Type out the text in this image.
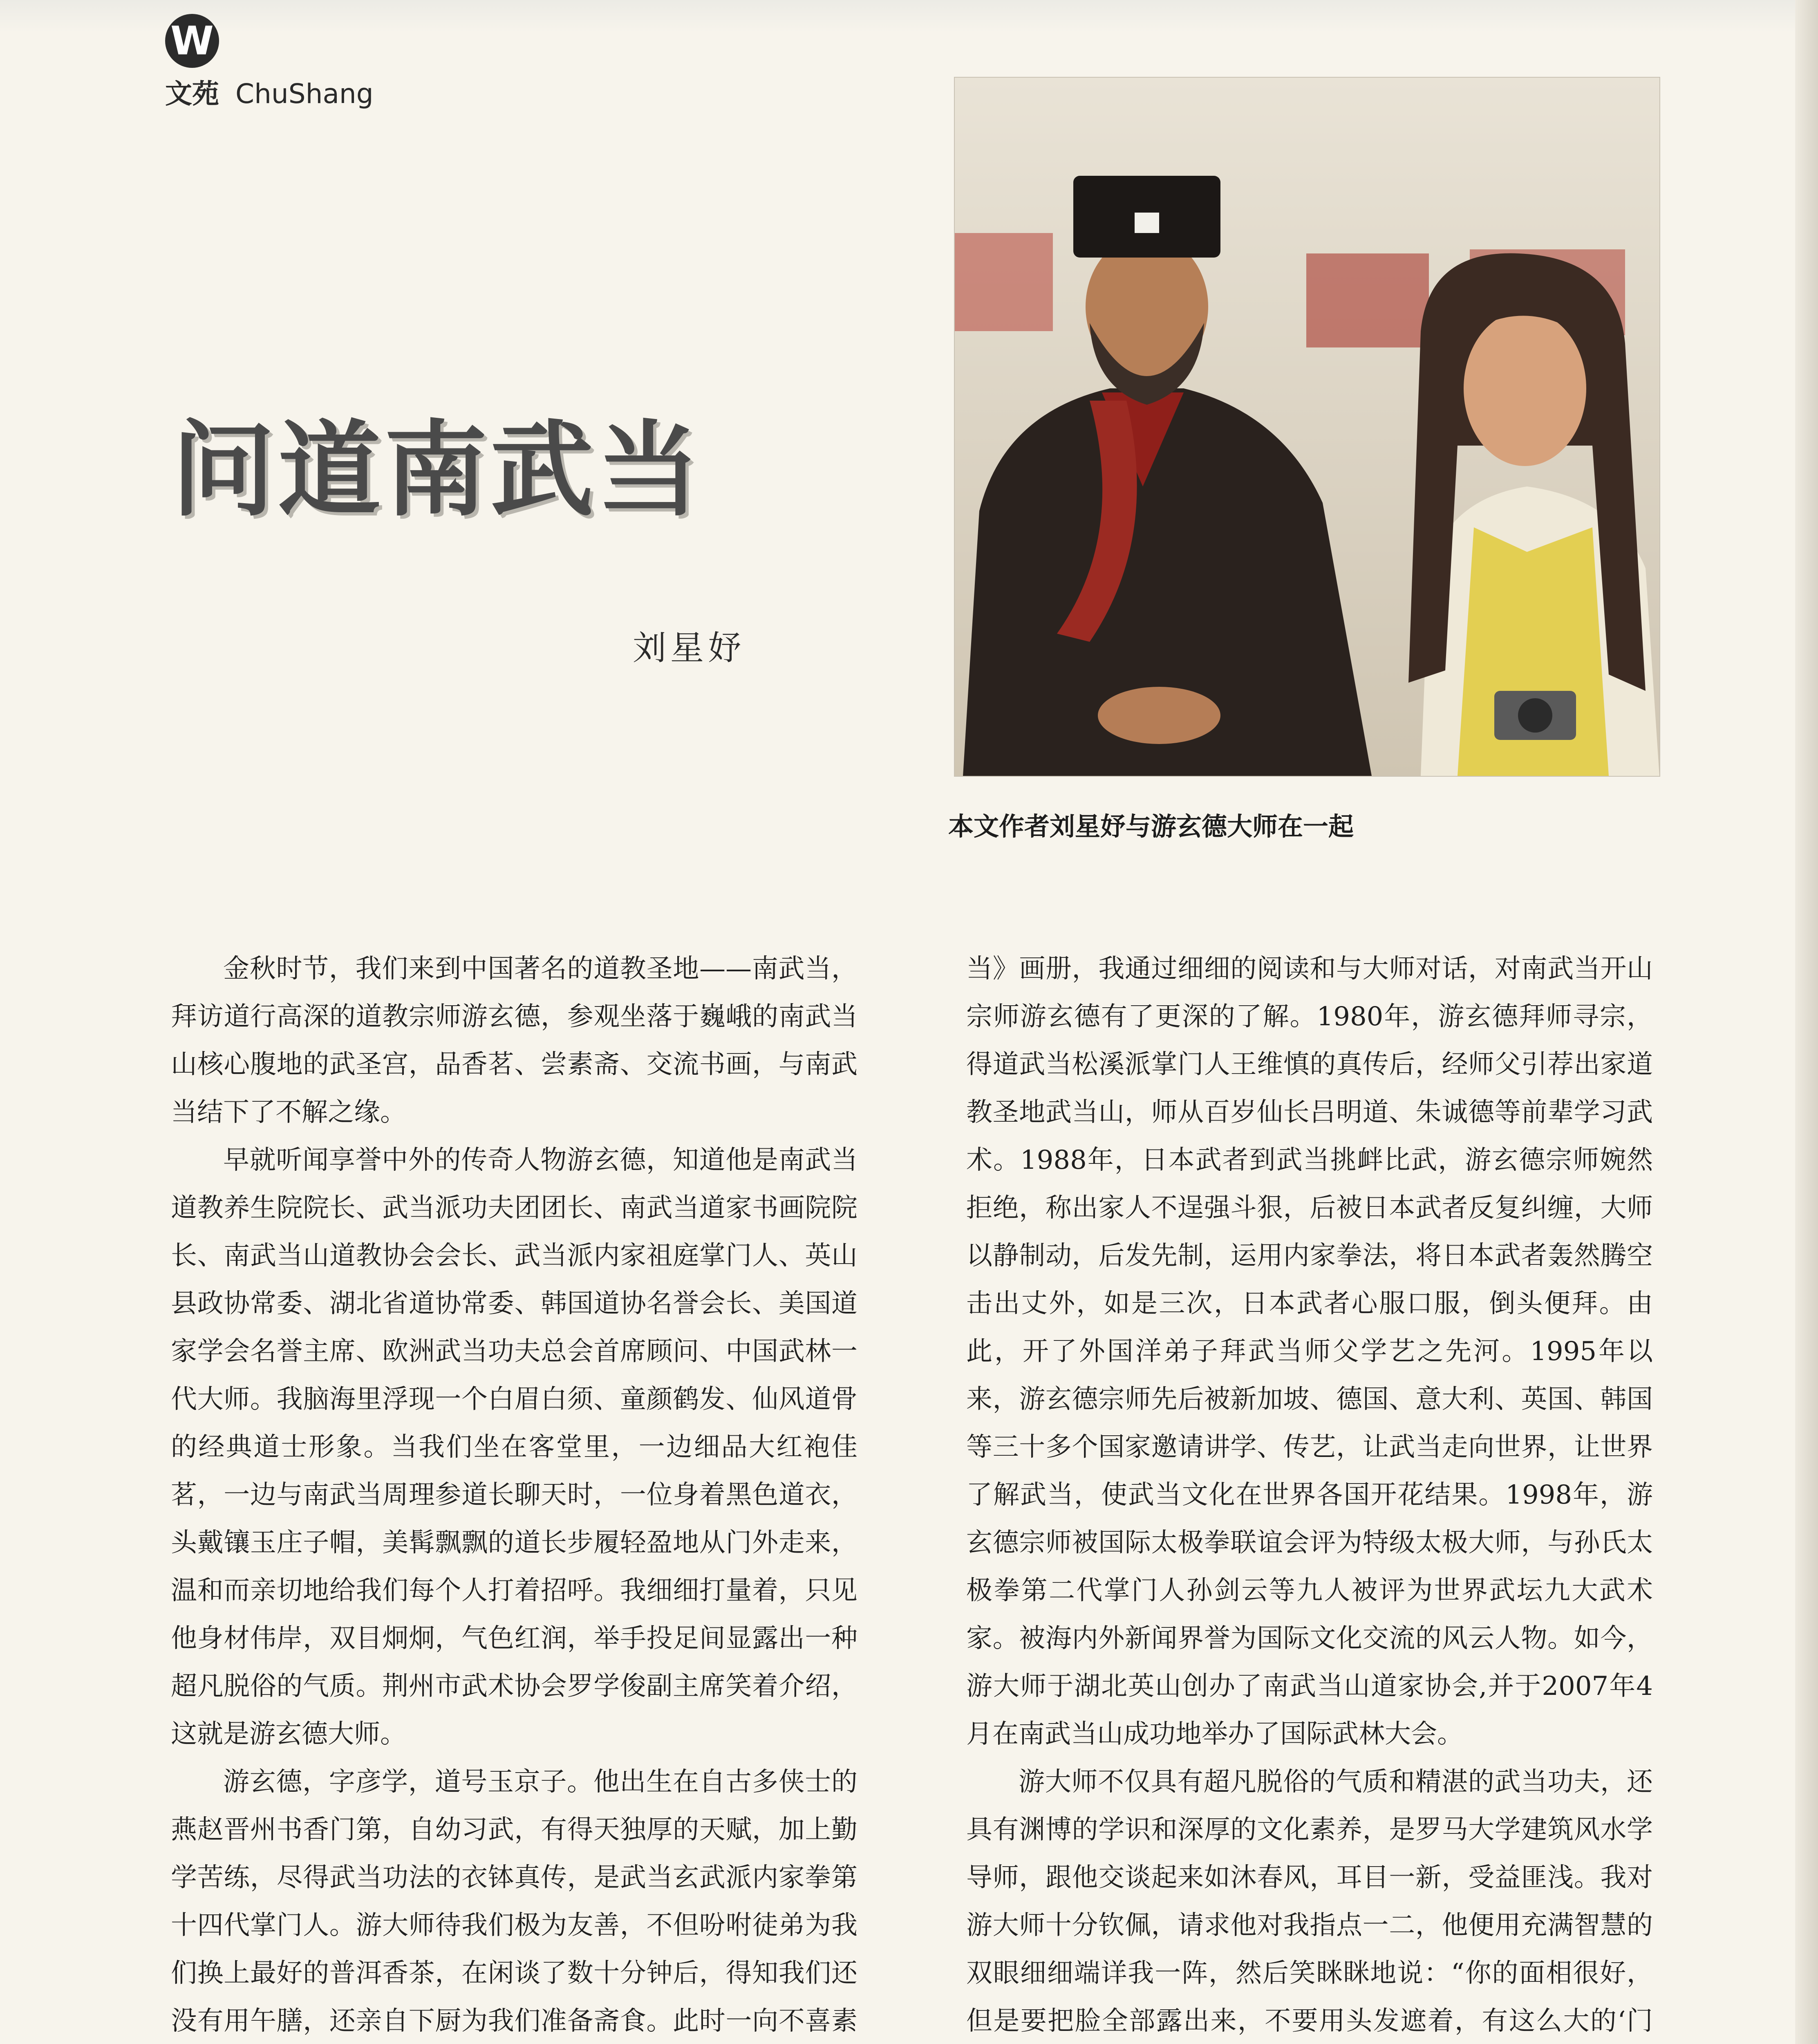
W
文苑 ChuShang
问道南武当
刘星妤
本文作者刘星妤与游玄德大师在一起

金秋时节，我们来到中国著名的道教圣地——南武当，拜访道行高深的道教宗师游玄德，参观坐落于巍峨的南武当山核心腹地的武圣宫，品香茗、尝素斋、交流书画，与南武当结下了不解之缘。

早就听闻享誉中外的传奇人物游玄德，知道他是南武当道教养生院院长、武当派功夫团团长、南武当道家书画院院长、南武当山道教协会会长、武当派内家祖庭掌门人、英山县政协常委、湖北省道协常委、韩国道协名誉会长、美国道家学会名誉主席、欧洲武当功夫总会首席顾问、中国武林一代大师。我脑海里浮现一个白眉白须、童颜鹤发、仙风道骨的经典道士形象。当我们坐在客堂里，一边细品大红袍佳茗，一边与南武当周理参道长聊天时，一位身着黑色道衣，头戴镶玉庄子帽，美髯飘飘的道长步履轻盈地从门外走来，温和而亲切地给我们每个人打着招呼。我细细打量着，只见他身材伟岸，双目炯炯，气色红润，举手投足间显露出一种超凡脱俗的气质。荆州市武术协会罗学俊副主席笑着介绍，这就是游玄德大师。

游玄德，字彦学，道号玉京子。他出生在自古多侠士的燕赵晋州书香门第，自幼习武，有得天独厚的天赋，加上勤学苦练，尽得武当功法的衣钵真传，是武当玄武派内家拳第十四代掌门人。游大师待我们极为友善，不但吩咐徒弟为我们换上最好的普洱香茶，在闲谈了数十分钟后，得知我们还没有用午膳，还亲自下厨为我们准备斋食。此时一向不喜素

当》画册，我通过细细的阅读和与大师对话，对南武当开山宗师游玄德有了更深的了解。1980年，游玄德拜师寻宗，得道武当松溪派掌门人王维慎的真传后，经师父引荐出家道教圣地武当山，师从百岁仙长吕明道、朱诚德等前辈学习武术。1988年，日本武者到武当挑衅比武，游玄德宗师婉然拒绝，称出家人不逞强斗狠，后被日本武者反复纠缠，大师以静制动，后发先制，运用内家拳法，将日本武者轰然腾空击出丈外，如是三次，日本武者心服口服，倒头便拜。由此，开了外国洋弟子拜武当师父学艺之先河。1995年以来，游玄德宗师先后被新加坡、德国、意大利、英国、韩国等三十多个国家邀请讲学、传艺，让武当走向世界，让世界了解武当，使武当文化在世界各国开花结果。1998年，游玄德宗师被国际太极拳联谊会评为特级太极大师，与孙氏太极拳第二代掌门人孙剑云等九人被评为世界武坛九大武术家。被海内外新闻界誉为国际文化交流的风云人物。如今，游大师于湖北英山创办了南武当山道家协会,并于2007年4月在南武当山成功地举办了国际武林大会。

游大师不仅具有超凡脱俗的气质和精湛的武当功夫，还具有渊博的学识和深厚的文化素养，是罗马大学建筑风水学导师，跟他交谈起来如沐春风，耳目一新，受益匪浅。我对游大师十分钦佩，请求他对我指点一二，他便用充满智慧的双眼细细端详我一阵，然后笑眯眯地说：“你的面相很好，但是要把脸全部露出来，不要用头发遮着，有这么大的‘门
